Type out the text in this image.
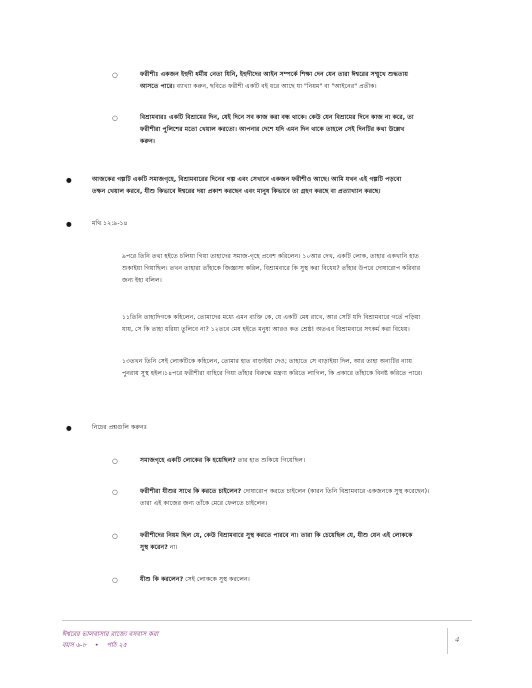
○	ফরীশীঃ একজন ইহুদী ধর্মীয় নেতা যিনি, ইহুদীদের আইন সম্পর্কে শিক্ষা দেন যেন তারা ঈশ্বরের সম্মুখে শুদ্ধতায়
আসতে পারে। ব্যাখ্যা করুন, ছবিতে ফরীশী একটি বই ধরে আছে যা "নিয়ম" বা "আইনের" প্রতীক।
○	বিশ্রামবারঃ একটি বিশ্রামের দিন, যেই দিনে সব কাজ করা বন্ধ থাকে। কেউ যেন বিশ্রামের দিনে কাজ না করে, তা
ফরীশীরা পুলিশের মতো খেয়াল করতো। আপনার দেশে যদি এমন দিন থাকে তাহলে সেই দিনটির কথা উল্লেখ
করুন।
●	আজকের গল্পটি একটি সমাজগৃহে, বিশ্রামবারের দিনের গল্প এবং সেখানে একজন ফরীশীও আছে। আমি যখন এই গল্পটি পড়বো
তক্ষন খেয়াল করবে, যীশু কিভাবে ঈশ্বরের দয়া প্রকাশ করছেন এবং মানুষ কিভাবে তা গ্রহণ করছে বা প্রত্যাখ্যান করছে।
●	মথি ১২:৯-১৪
৯পরে তিনি তথা হইতে চলিয়া গিয়া তাহাদের সমাজ-গৃহে প্রবেশ করিলেন। ১০আর দেখ, একটি লোক, তাহার একখানি হাত
শুকাইয়া গিয়াছিল। তখন তাহারা তাঁহাকে জিজ্ঞাসা করিল, বিশ্রামবারে কি সুস্থ করা বিধেয়? তাঁহার উপরে দোষারোপ করিবার
জন্য ইহা বলিল।
১১তিনি তাহাদিগকে কহিলেন, তোমাদের মধ্যে এমন ব্যক্তি কে, যে একটি মেষ রাখে, আর সেটি যদি বিশ্রামবারে গর্তে পড়িয়া
যায়, সে কি তাহা ধরিয়া তুলিবে না? ১২তবে মেষ হইতে মনুষ্য আরও কত শ্রেষ্ঠ! অতএব বিশ্রামবারে সৎকর্ম করা বিধেয়।
১৩তখন তিনি সেই লোকটিকে কহিলেন, তোমার হাত বাড়াইয়া দেও; তাহাতে সে বাড়াইয়া দিল, আর তাহা অন্যটির ন্যায়
পুনরায় সুস্থ হইল।১৪পরে ফরীশীরা বাহিরে গিয়া তাঁহার বিরুদ্ধে মন্ত্রণা করিতে লাগিল, কি প্রকারে তাঁহাকে বিনষ্ট করিতে পারে।
●	নিচের প্রশ্নগুলি করুনঃ
○	সমাজগৃহে একটি লোকের কি হয়েছিল? তার হাত শুকিয়ে গিয়েছিল।
○	ফরীশীরা যীশুর সাথে কি করতে চাইলেন? দোষারোপ করতে চাইলেন (কারন তিনি বিশ্রামবারে একজনকে সুস্থ করেছেন)।
তারা এই কাজের জন্য তাঁকে মেরে ফেলতে চাইলেন।
○	ফরীশীদের নিয়ম ছিল যে, কেউ বিশ্রামবারে সুস্থ করতে পারবে না। তারা কি চেয়েছিল যে, যীশু যেন এই লোককে
সুস্থ করেন? না।
○	যীশু কি করলেন? সেই লোককে সুস্থ করলেন।
ঈশ্বরের ভালবাসার রাজ্যে বসবাস করা
বয়স ৬-৮ • পাঠ ২৫
4
